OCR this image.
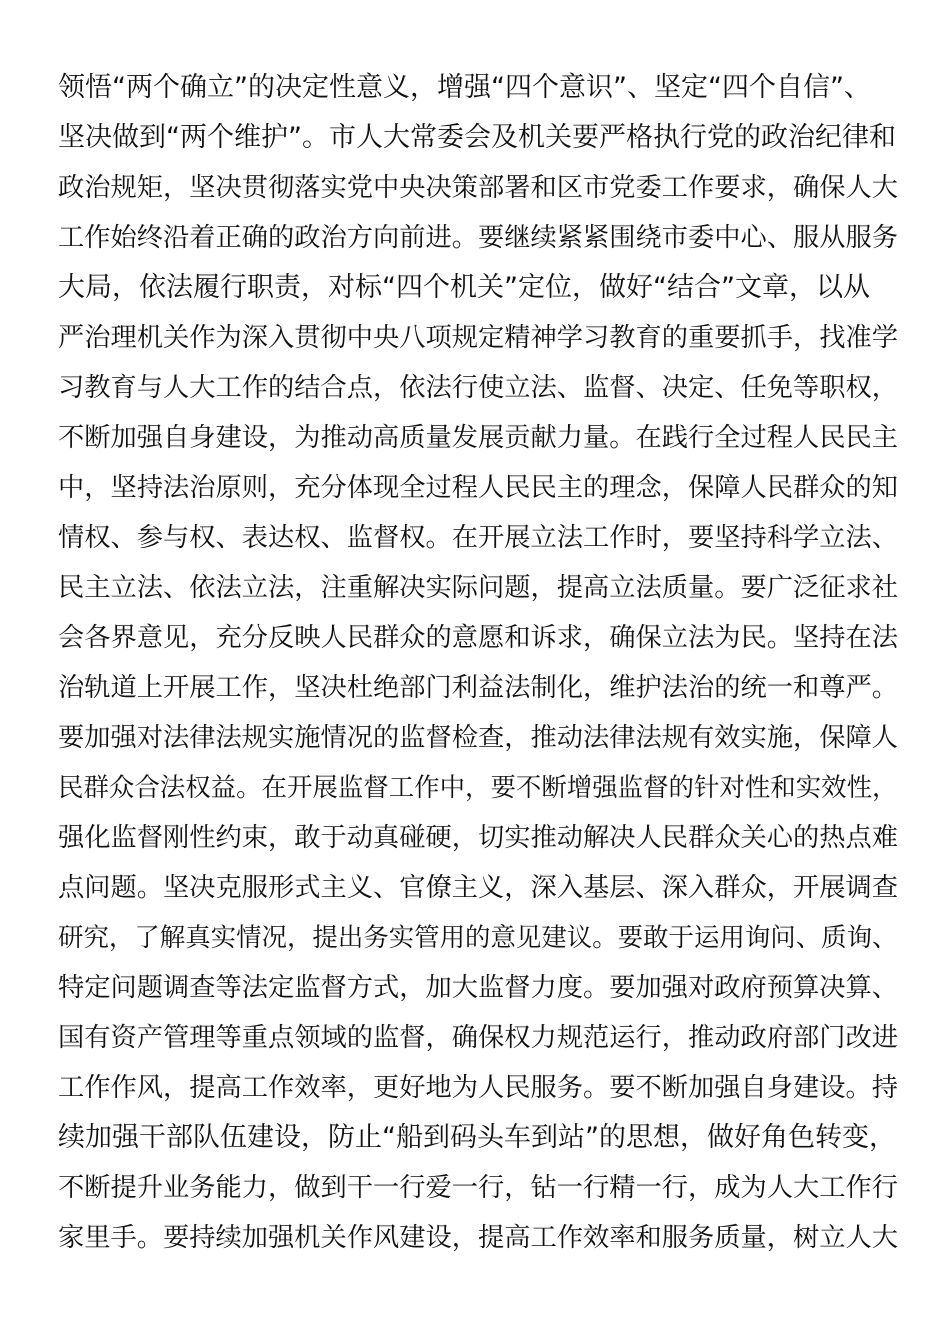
领悟“两个确立”的决定性意义，增强“四个意识”、坚定“四个自信”、
坚决做到“两个维护”。市人大常委会及机关要严格执行党的政治纪律和
政治规矩，坚决贯彻落实党中央决策部署和区市党委工作要求，确保人大
工作始终沿着正确的政治方向前进。要继续紧紧围绕市委中心、服从服务
大局，依法履行职责，对标“四个机关”定位，做好“结合”文章，以从
严治理机关作为深入贯彻中央八项规定精神学习教育的重要抓手，找准学
习教育与人大工作的结合点，依法行使立法、监督、决定、任免等职权，
不断加强自身建设，为推动高质量发展贡献力量。在践行全过程人民民主
中，坚持法治原则，充分体现全过程人民民主的理念，保障人民群众的知
情权、参与权、表达权、监督权。在开展立法工作时，要坚持科学立法、
民主立法、依法立法，注重解决实际问题，提高立法质量。要广泛征求社
会各界意见，充分反映人民群众的意愿和诉求，确保立法为民。坚持在法
治轨道上开展工作，坚决杜绝部门利益法制化，维护法治的统一和尊严。
要加强对法律法规实施情况的监督检查，推动法律法规有效实施，保障人
民群众合法权益。在开展监督工作中，要不断增强监督的针对性和实效性，
强化监督刚性约束，敢于动真碰硬，切实推动解决人民群众关心的热点难
点问题。坚决克服形式主义、官僚主义，深入基层、深入群众，开展调查
研究，了解真实情况，提出务实管用的意见建议。要敢于运用询问、质询、
特定问题调查等法定监督方式，加大监督力度。要加强对政府预算决算、
国有资产管理等重点领域的监督，确保权力规范运行，推动政府部门改进
工作作风，提高工作效率，更好地为人民服务。要不断加强自身建设。持
续加强干部队伍建设，防止“船到码头车到站”的思想，做好角色转变，
不断提升业务能力，做到干一行爱一行，钻一行精一行，成为人大工作行
家里手。要持续加强机关作风建设，提高工作效率和服务质量，树立人大
